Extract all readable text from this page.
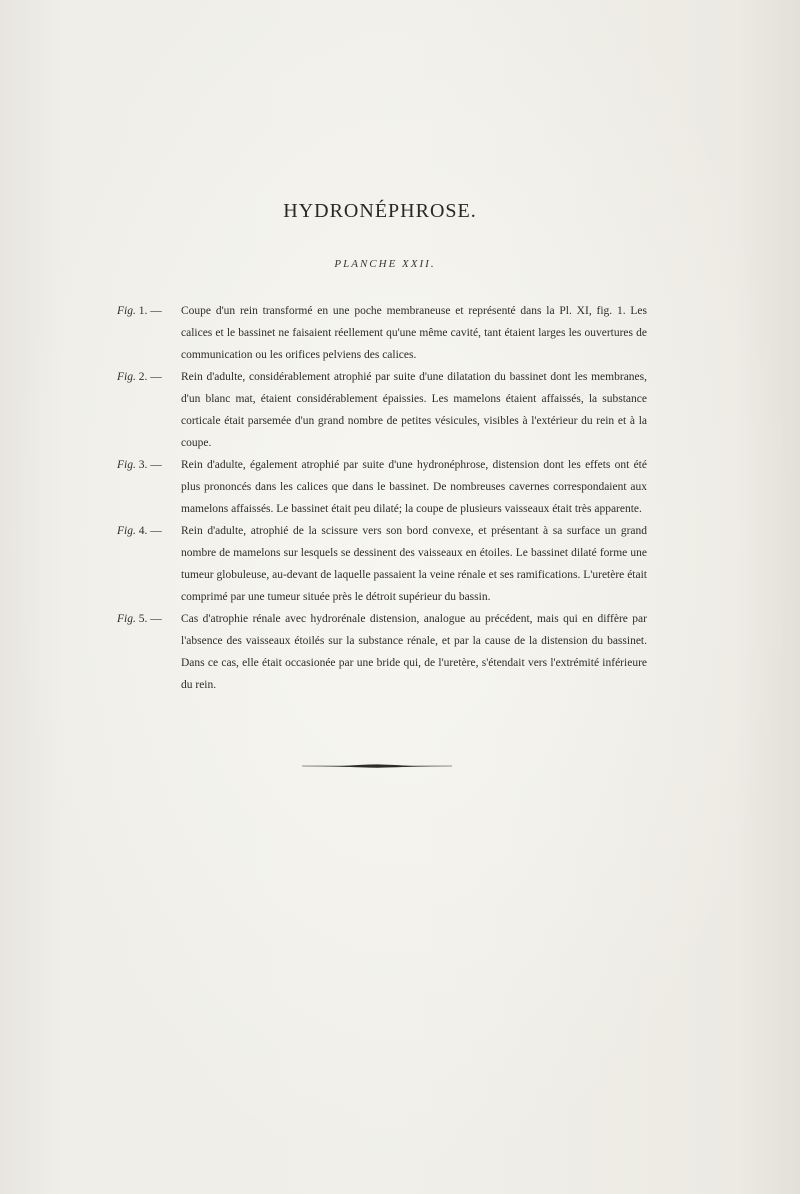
HYDRONÉPHROSE.

PLANCHE XXII.

Fig. 1. — Coupe d'un rein transformé en une poche membraneuse et représenté dans la Pl. XI, fig. 1. Les calices et le bassinet ne faisaient réellement qu'une même cavité, tant étaient larges les ouvertures de communication ou les orifices pelviens des calices.

Fig. 2. — Rein d'adulte, considérablement atrophié par suite d'une dilatation du bassinet dont les membranes, d'un blanc mat, étaient considérablement épaissies. Les mamelons étaient affaissés, la substance corticale était parsemée d'un grand nombre de petites vésicules, visibles à l'extérieur du rein et à la coupe.

Fig. 3. — Rein d'adulte, également atrophié par suite d'une hydronéphrose, distension dont les effets ont été plus prononcés dans les calices que dans le bassinet. De nombreuses cavernes correspondaient aux mamelons affaissés. Le bassinet était peu dilaté; la coupe de plusieurs vaisseaux était très apparente.

Fig. 4. — Rein d'adulte, atrophié de la scissure vers son bord convexe, et présentant à sa surface un grand nombre de mamelons sur lesquels se dessinent des vaisseaux en étoiles. Le bassinet dilaté forme une tumeur globuleuse, au-devant de laquelle passaient la veine rénale et ses ramifications. L'uretère était comprimé par une tumeur située près le détroit supérieur du bassin.

Fig. 5. — Cas d'atrophie rénale avec hydrorénale distension, analogue au précédent, mais qui en diffère par l'absence des vaisseaux étoilés sur la substance rénale, et par la cause de la distension du bassinet. Dans ce cas, elle était occasionée par une bride qui, de l'uretère, s'étendait vers l'extrémité inférieure du rein.
